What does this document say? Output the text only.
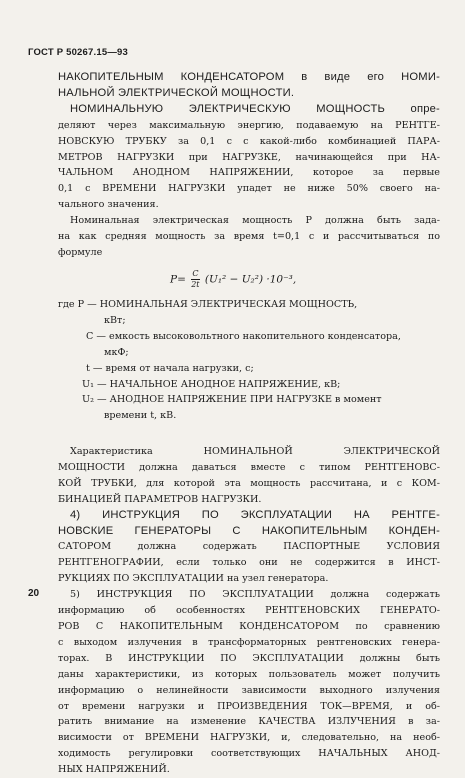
ГОСТ Р 50267.15—93
НАКОПИТЕЛЬНЫМ КОНДЕНСАТОРОМ в виде его НОМИ-
НАЛЬНОЙ ЭЛЕКТРИЧЕСКОЙ МОЩНОСТИ.
НОМИНАЛЬНУЮ ЭЛЕКТРИЧЕСКУЮ МОЩНОСТЬ опре-
деляют через максимальную энергию, подаваемую на РЕНТГЕ-
НОВСКУЮ ТРУБКУ за 0,1 с с какой-либо комбинацией ПАРА-
МЕТРОВ НАГРУЗКИ при НАГРУЗКЕ, начинающейся при НА-
ЧАЛЬНОМ АНОДНОМ НАПРЯЖЕНИИ, которое за первые
0,1 с ВРЕМЕНИ НАГРУЗКИ упадет не ниже 50% своего на-
чального значения.
Номинальная электрическая мощность P должна быть зада-
на как средняя мощность за время t=0,1 с и рассчитываться по
формуле
$P= \frac{C}{2t} (U_1^2 - U_2^2) \cdot 10^{-3}$,
где P — НОМИНАЛЬНАЯ ЭЛЕКТРИЧЕСКАЯ МОЩНОСТЬ,
кВт;
C — емкость высоковольтного накопительного конденсатора,
мкФ;
t — время от начала нагрузки, с;
U₁ — НАЧАЛЬНОЕ АНОДНОЕ НАПРЯЖЕНИЕ, кВ;
U₂ — АНОДНОЕ НАПРЯЖЕНИЕ ПРИ НАГРУЗКЕ в момент
времени t, кВ.
Характеристика НОМИНАЛЬНОЙ ЭЛЕКТРИЧЕСКОЙ
МОЩНОСТИ должна даваться вместе с типом РЕНТГЕНОВС-
КОЙ ТРУБКИ, для которой эта мощность рассчитана, и с КОМ-
БИНАЦИЕЙ ПАРАМЕТРОВ НАГРУЗКИ.
4) ИНСТРУКЦИЯ ПО ЭКСПЛУАТАЦИИ НА РЕНТГЕ-
НОВСКИЕ ГЕНЕРАТОРЫ С НАКОПИТЕЛЬНЫМ КОНДЕН-
САТОРОМ должна содержать ПАСПОРТНЫЕ УСЛОВИЯ
РЕНТГЕНОГРАФИИ, если только они не содержится в ИНСТ-
РУКЦИЯХ ПО ЭКСПЛУАТАЦИИ на узел генератора.
5) ИНСТРУКЦИЯ ПО ЭКСПЛУАТАЦИИ должна содержать
информацию об особенностях РЕНТГЕНОВСКИХ ГЕНЕРАТО-
РОВ С НАКОПИТЕЛЬНЫМ КОНДЕНСАТОРОМ по сравнению
с выходом излучения в трансформаторных рентгеновских генера-
торах. В ИНСТРУКЦИИ ПО ЭКСПЛУАТАЦИИ должны быть
даны характеристики, из которых пользователь может получить
информацию о нелинейности зависимости выходного излучения
от времени нагрузки и ПРОИЗВЕДЕНИЯ ТОК—ВРЕМЯ, и об-
ратить внимание на изменение КАЧЕСТВА ИЗЛУЧЕНИЯ в за-
висимости от ВРЕМЕНИ НАГРУЗКИ, и, следовательно, на необ-
ходимость регулировки соответствующих НАЧАЛЬНЫХ АНОД-
НЫХ НАПРЯЖЕНИЙ.
20
